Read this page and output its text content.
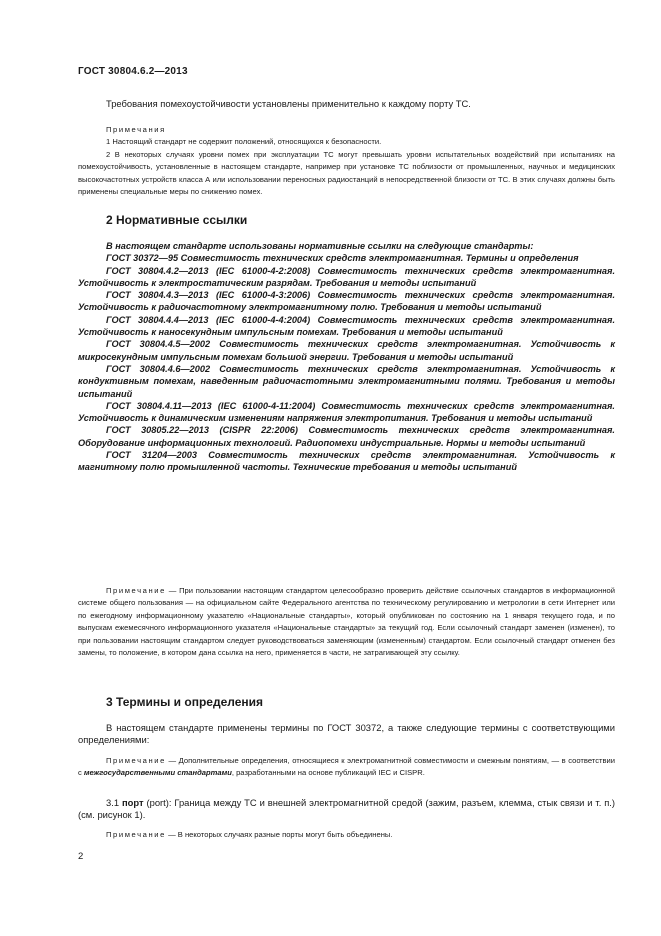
ГОСТ 30804.6.2—2013

Требования помехоустойчивости установлены применительно к каждому порту ТС.

Примечания
1 Настоящий стандарт не содержит положений, относящихся к безопасности.
2 В некоторых случаях уровни помех при эксплуатации ТС могут превышать уровни испытательных воздействий при испытаниях на помехоустойчивость, установленные в настоящем стандарте, например при установке ТС поблизости от промышленных, научных и медицинских высокочастотных устройств класса А или использовании переносных радиостанций в непосредственной близости от ТС. В этих случаях должны быть применены специальные меры по снижению помех.
2 Нормативные ссылки
В настоящем стандарте использованы нормативные ссылки на следующие стандарты:
ГОСТ 30372—95 Совместимость технических средств электромагнитная. Термины и определения
ГОСТ 30804.4.2—2013 (IEC 61000-4-2:2008) Совместимость технических средств электромагнитная. Устойчивость к электростатическим разрядам. Требования и методы испытаний
ГОСТ 30804.4.3—2013 (IEC 61000-4-3:2006) Совместимость технических средств электромагнитная. Устойчивость к радиочастотному электромагнитному полю. Требования и методы испытаний
ГОСТ 30804.4.4—2013 (IEC 61000-4-4:2004) Совместимость технических средств электромагнитная. Устойчивость к наносекундным импульсным помехам. Требования и методы испытаний
ГОСТ 30804.4.5—2002 Совместимость технических средств электромагнитная. Устойчивость к микросекундным импульсным помехам большой энергии. Требования и методы испытаний
ГОСТ 30804.4.6—2002 Совместимость технических средств электромагнитная. Устойчивость к кондуктивным помехам, наведенным радиочастотными электромагнитными полями. Требования и методы испытаний
ГОСТ 30804.4.11—2013 (IEC 61000-4-11:2004) Совместимость технических средств электромагнитная. Устойчивость к динамическим изменениям напряжения электропитания. Требования и методы испытаний
ГОСТ 30805.22—2013 (CISPR 22:2006) Совместимость технических средств электромагнитная. Оборудование информационных технологий. Радиопомехи индустриальные. Нормы и методы испытаний
ГОСТ 31204—2003 Совместимость технических средств электромагнитная. Устойчивость к магнитному полю промышленной частоты. Технические требования и методы испытаний

Примечание — При пользовании настоящим стандартом целесообразно проверить действие ссылочных стандартов в информационной системе общего пользования — на официальном сайте Федерального агентства по техническому регулированию и метрологии в сети Интернет или по ежегодному информационному указателю «Национальные стандарты», который опубликован по состоянию на 1 января текущего года, и по выпускам ежемесячного информационного указателя «Национальные стандарты» за текущий год. Если ссылочный стандарт заменен (изменен), то при пользовании настоящим стандартом следует руководствоваться заменяющим (измененным) стандартом. Если ссылочный стандарт отменен без замены, то положение, в котором дана ссылка на него, применяется в части, не затрагивающей эту ссылку.

3 Термины и определения

В настоящем стандарте применены термины по ГОСТ 30372, а также следующие термины с соответствующими определениями:

Примечание — Дополнительные определения, относящиеся к электромагнитной совместимости и смежным понятиям, — в соответствии с межгосударственными стандартами, разработанными на основе публикаций IEC и CISPR.

3.1 порт (port): Граница между ТС и внешней электромагнитной средой (зажим, разъем, клемма, стык связи и т. п.) (см. рисунок 1).

Примечание — В некоторых случаях разные порты могут быть объединены.

2
